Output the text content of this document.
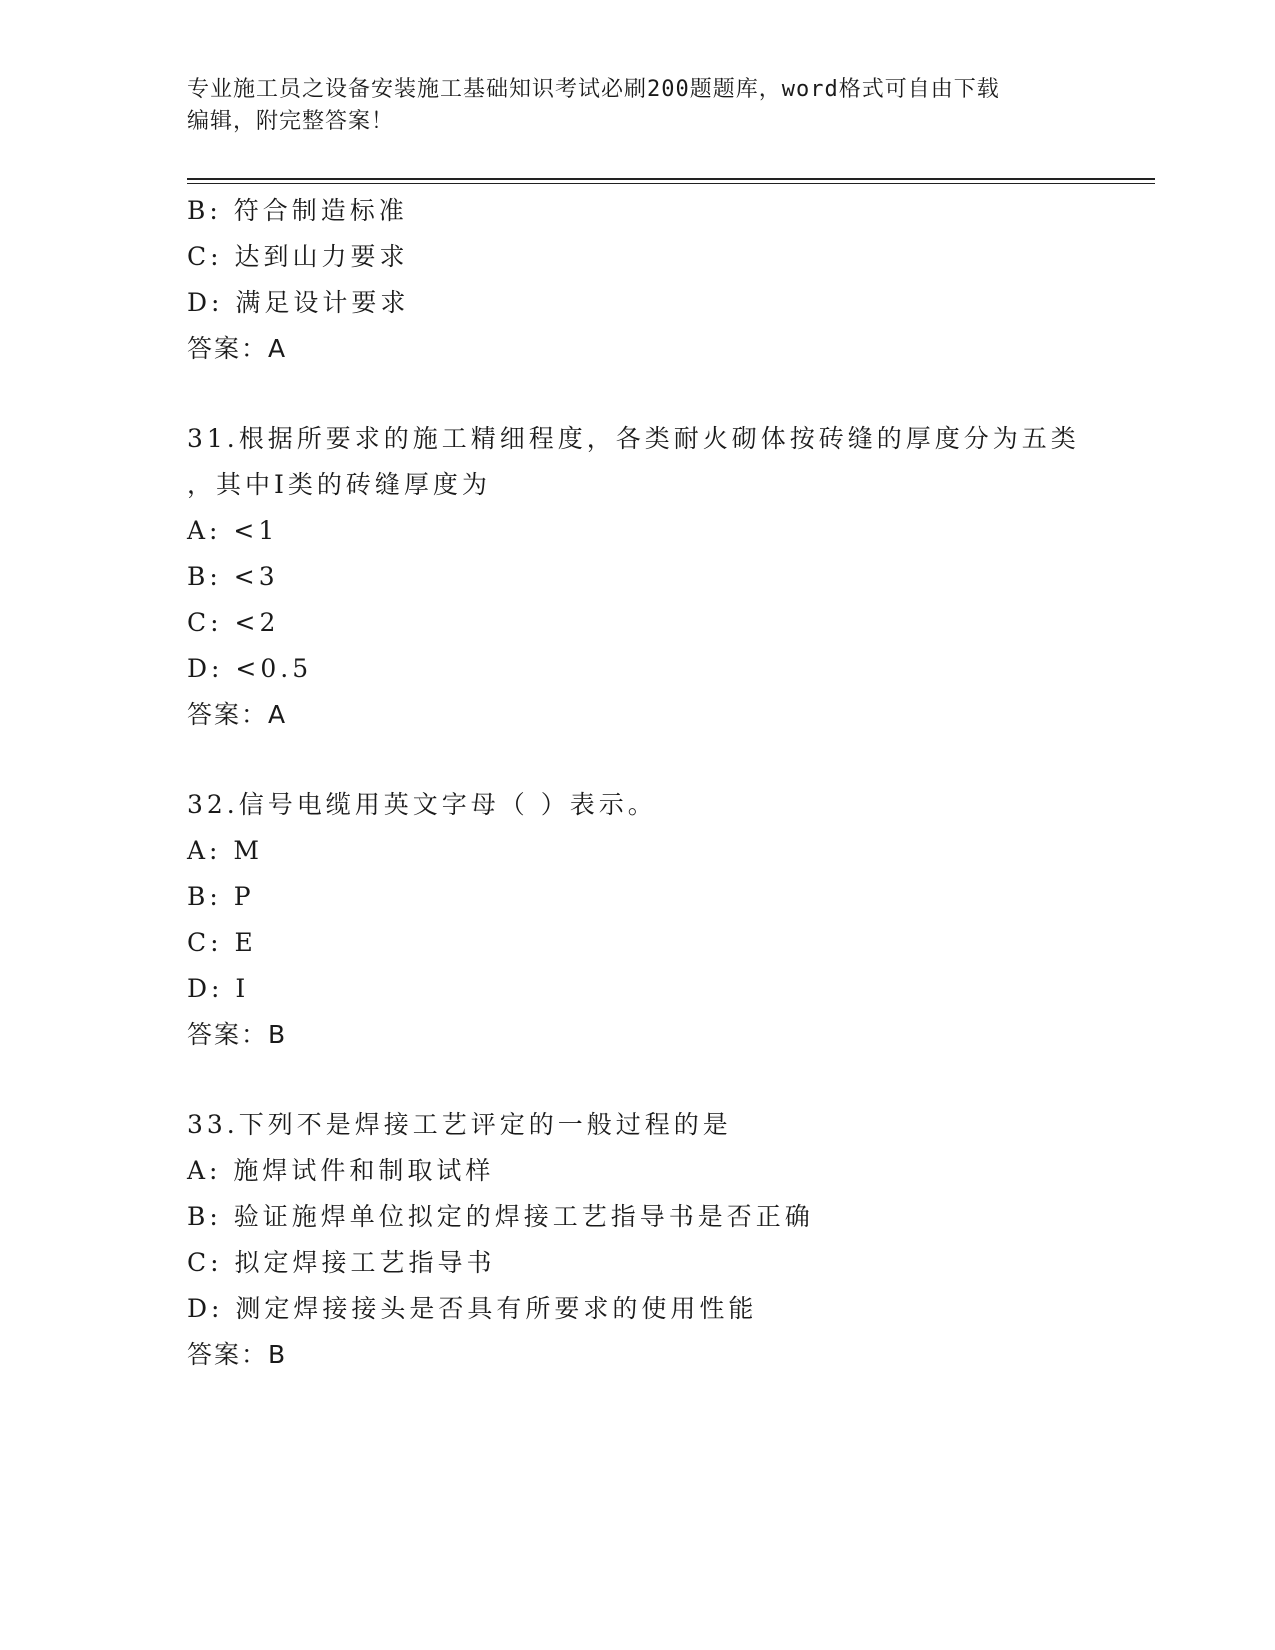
专业施工员之设备安装施工基础知识考试必刷200题题库，word格式可自由下载
编辑，附完整答案！
B: 符合制造标准
C: 达到山力要求
D: 满足设计要求
答案：A
31.根据所要求的施工精细程度，各类耐火砌体按砖缝的厚度分为五类
，其中Ⅰ类的砖缝厚度为
A: <1
B: <3
C: <2
D: <0.5
答案：A
32.信号电缆用英文字母（ ）表示。
A: M
B: P
C: E
D: I
答案：B
33.下列不是焊接工艺评定的一般过程的是
A: 施焊试件和制取试样
B: 验证施焊单位拟定的焊接工艺指导书是否正确
C: 拟定焊接工艺指导书
D: 测定焊接接头是否具有所要求的使用性能
答案：B
